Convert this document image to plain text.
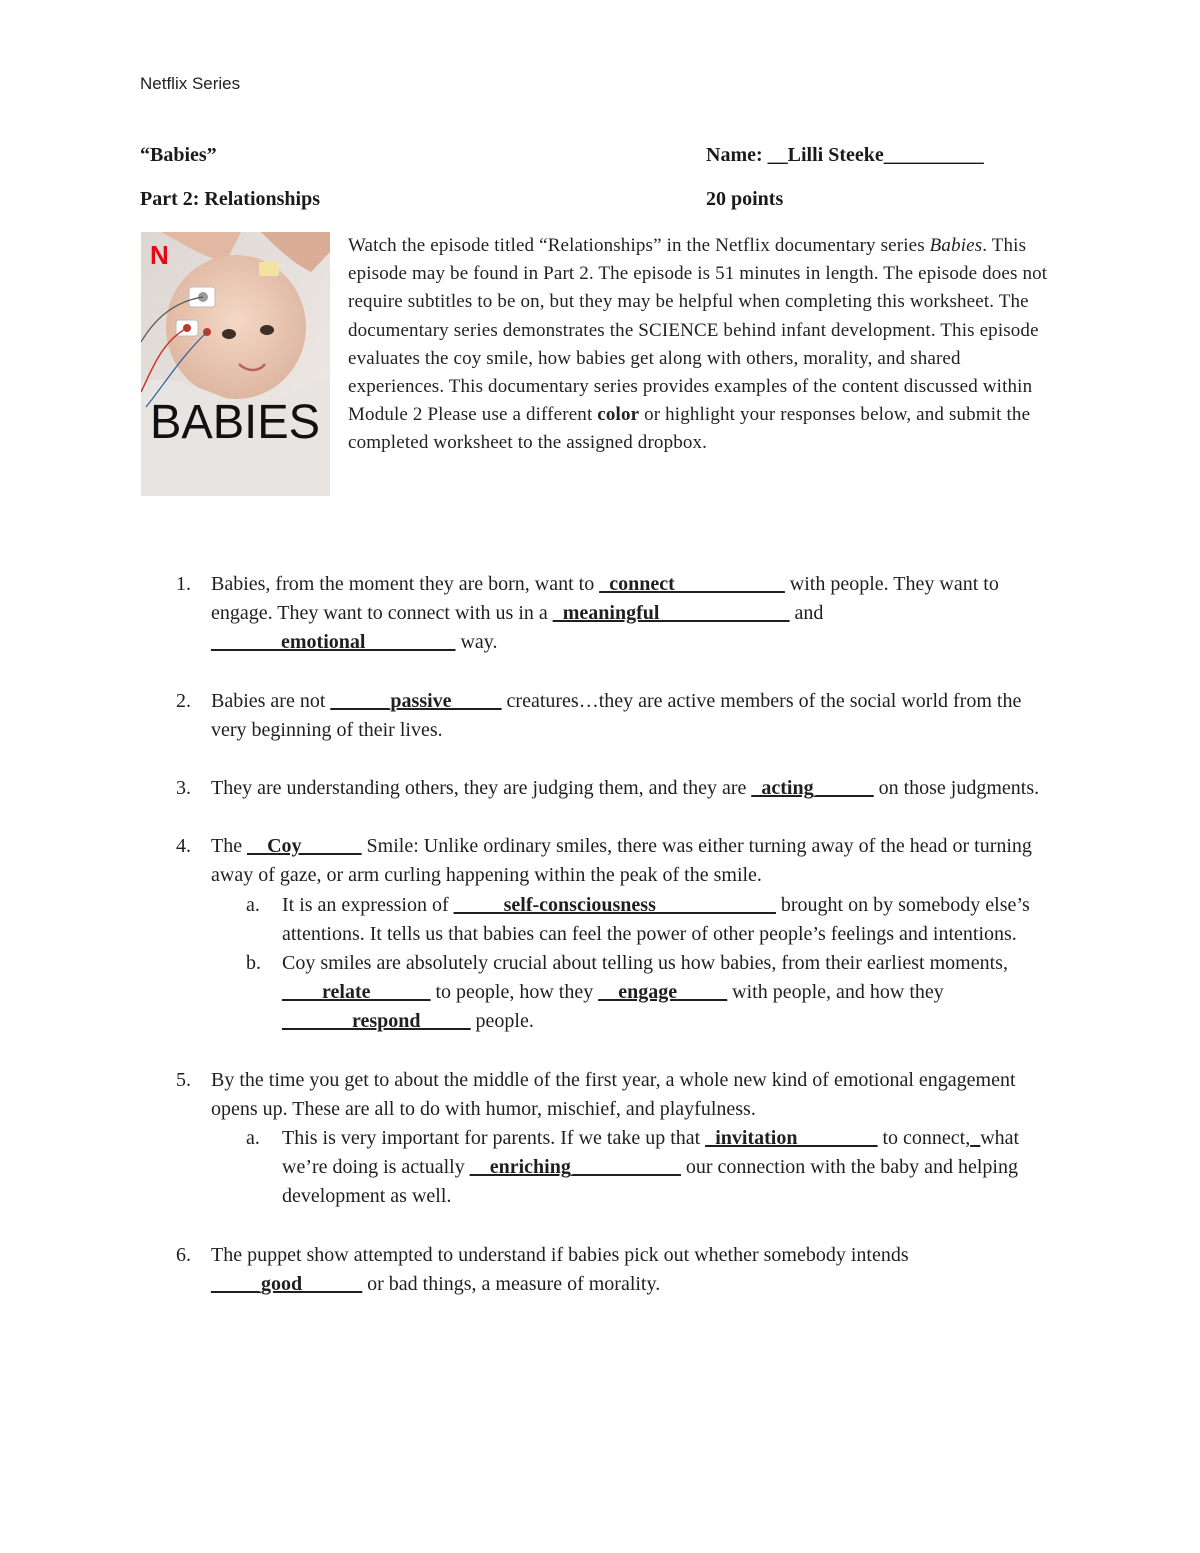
Netflix Series
“Babies”	Name: __Lilli Steeke__________
Part 2: Relationships	20 points
N
BABIES
Watch the episode titled “Relationships” in the Netflix documentary series Babies. This episode may be found in Part 2. The episode is 51 minutes in length. The episode does not require subtitles to be on, but they may be helpful when completing this worksheet. The documentary series demonstrates the SCIENCE behind infant development. This episode evaluates the coy smile, how babies get along with others, morality, and shared experiences. This documentary series provides examples of the content discussed within Module 2 Please use a different color or highlight your responses below, and submit the completed worksheet to the assigned dropbox.
1. Babies, from the moment they are born, want to _connect___________ with people. They want to engage. They want to connect with us in a _meaningful_____________ and _______emotional_________ way.
2. Babies are not ______passive_____ creatures…they are active members of the social world from the very beginning of their lives.
3. They are understanding others, they are judging them, and they are _acting______ on those judgments.
4. The __Coy______ Smile: Unlike ordinary smiles, there was either turning away of the head or turning away of gaze, or arm curling happening within the peak of the smile.
a. It is an expression of _____self-consciousness____________ brought on by somebody else’s attentions. It tells us that babies can feel the power of other people’s feelings and intentions.
b. Coy smiles are absolutely crucial about telling us how babies, from their earliest moments, ____relate______ to people, how they __engage_____ with people, and how they _______respond_____ people.
5. By the time you get to about the middle of the first year, a whole new kind of emotional engagement opens up. These are all to do with humor, mischief, and playfulness.
a. This is very important for parents. If we take up that _invitation________ to connect,_what we’re doing is actually __enriching___________ our connection with the baby and helping development as well.
6. The puppet show attempted to understand if babies pick out whether somebody intends _____good______ or bad things, a measure of morality.
